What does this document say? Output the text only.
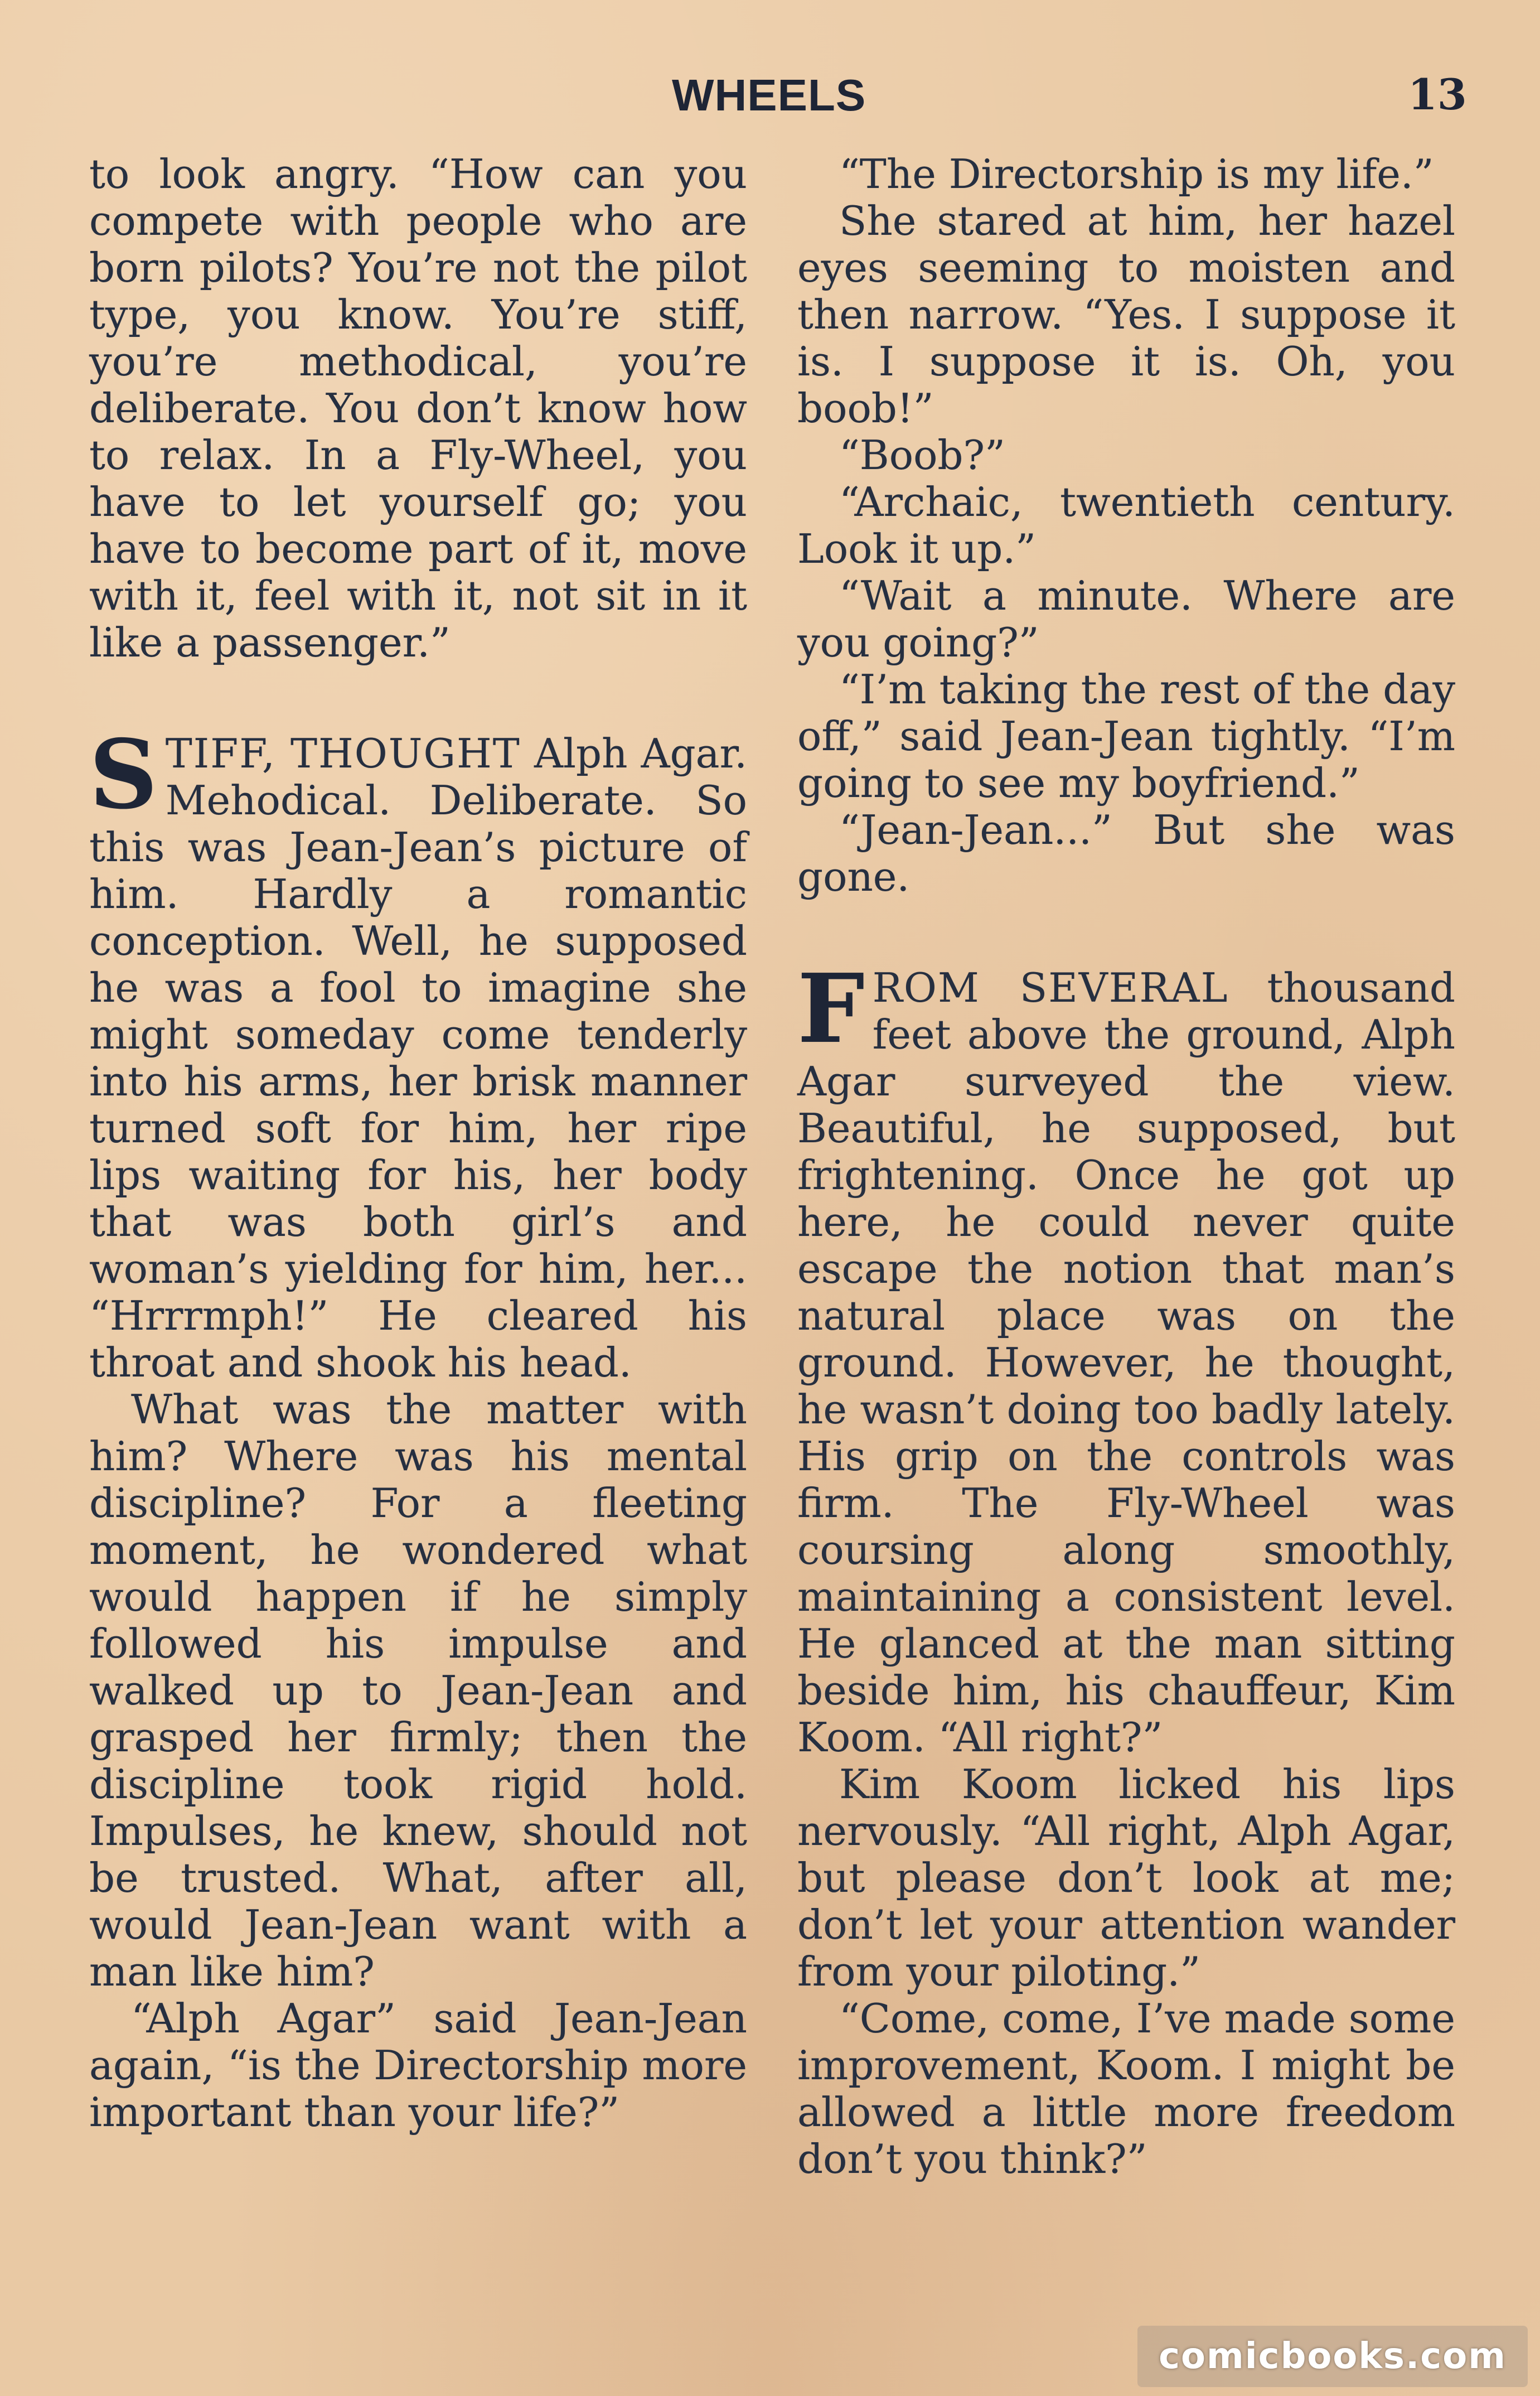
WHEELS	13

to look angry. “How can you compete with people who are born pilots? You’re not the pilot type, you know. You’re stiff, you’re methodical, you’re deliberate. You don’t know how to relax. In a Fly-Wheel, you have to let yourself go; you have to become part of it, move with it, feel with it, not sit in it like a passenger.”

STIFF, THOUGHT Alph Agar. Mehodical. Deliberate. So this was Jean-Jean’s picture of him. Hardly a romantic conception. Well, he supposed he was a fool to imagine she might someday come tenderly into his arms, her brisk manner turned soft for him, her ripe lips waiting for his, her body that was both girl’s and woman’s yielding for him, her... “Hrrrmph!” He cleared his throat and shook his head.

What was the matter with him? Where was his mental discipline? For a fleeting moment, he wondered what would happen if he simply followed his impulse and walked up to Jean-Jean and grasped her firmly; then the discipline took rigid hold. Impulses, he knew, should not be trusted. What, after all, would Jean-Jean want with a man like him?

“Alph Agar” said Jean-Jean again, “is the Directorship more important than your life?”

“The Directorship is my life.”

She stared at him, her hazel eyes seeming to moisten and then narrow. “Yes. I suppose it is. I suppose it is. Oh, you boob!”

“Boob?”

“Archaic, twentieth century. Look it up.”

“Wait a minute. Where are you going?”

“I’m taking the rest of the day off,” said Jean-Jean tightly. “I’m going to see my boyfriend.”

“Jean-Jean...” But she was gone.

FROM SEVERAL thousand feet above the ground, Alph Agar surveyed the view. Beautiful, he supposed, but frightening. Once he got up here, he could never quite escape the notion that man’s natural place was on the ground. However, he thought, he wasn’t doing too badly lately. His grip on the controls was firm. The Fly-Wheel was coursing along smoothly, maintaining a consistent level. He glanced at the man sitting beside him, his chauffeur, Kim Koom. “All right?”

Kim Koom licked his lips nervously. “All right, Alph Agar, but please don’t look at me; don’t let your attention wander from your piloting.”

“Come, come, I’ve made some improvement, Koom. I might be allowed a little more freedom don’t you think?”

comicbooks.com
